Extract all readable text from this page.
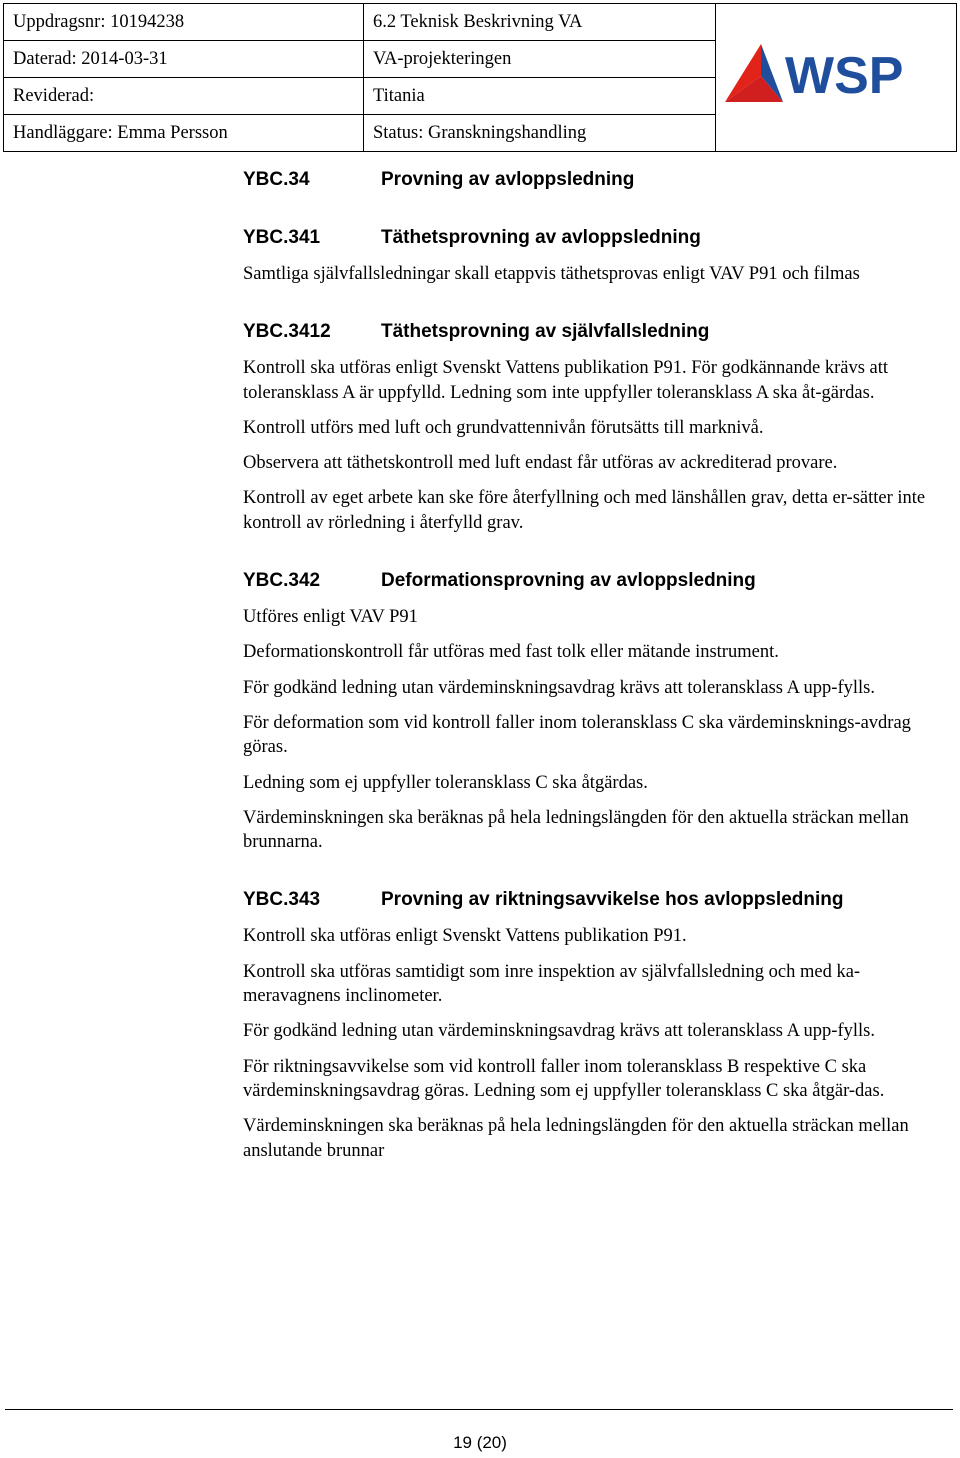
Uppdragsnr: 10194238	6.2 Teknisk Beskrivning VA	
Daterad: 2014-03-31	VA-projekteringen	
Reviderad:	Titania	
Handläggare: Emma Persson	Status: Granskningshandling	
WSP
YBC.34	Provning av avloppsledning
YBC.341	Täthetsprovning av avloppsledning

Samtliga självfallsledningar skall etappvis täthetsprovas enligt VAV P91 och filmas

YBC.3412	Täthetsprovning av självfallsledning

Kontroll ska utföras enligt Svenskt Vattens publikation P91. För godkännande krävs att toleransklass A är uppfylld. Ledning som inte uppfyller toleransklass A ska åt-gärdas.

Kontroll utförs med luft och grundvattennivån förutsätts till marknivå.

Observera att täthetskontroll med luft endast får utföras av ackrediterad provare.

Kontroll av eget arbete kan ske före återfyllning och med länshållen grav, detta er-sätter inte kontroll av rörledning i återfylld grav.

YBC.342	Deformationsprovning av avloppsledning

Utföres enligt VAV P91

Deformationskontroll får utföras med fast tolk eller mätande instrument.

För godkänd ledning utan värdeminskningsavdrag krävs att toleransklass A upp-fylls.

För deformation som vid kontroll faller inom toleransklass C ska värdeminsknings-avdrag göras.

Ledning som ej uppfyller toleransklass C ska åtgärdas.

Värdeminskningen ska beräknas på hela ledningslängden för den aktuella sträckan mellan brunnarna.

YBC.343	Provning av riktningsavvikelse hos avloppsledning

Kontroll ska utföras enligt Svenskt Vattens publikation P91.

Kontroll ska utföras samtidigt som inre inspektion av självfallsledning och med ka-meravagnens inclinometer.

För godkänd ledning utan värdeminskningsavdrag krävs att toleransklass A upp-fylls.

För riktningsavvikelse som vid kontroll faller inom toleransklass B respektive C ska värdeminskningsavdrag göras. Ledning som ej uppfyller toleransklass C ska åtgär-das.

Värdeminskningen ska beräknas på hela ledningslängden för den aktuella sträckan mellan anslutande brunnar

19 (20)
